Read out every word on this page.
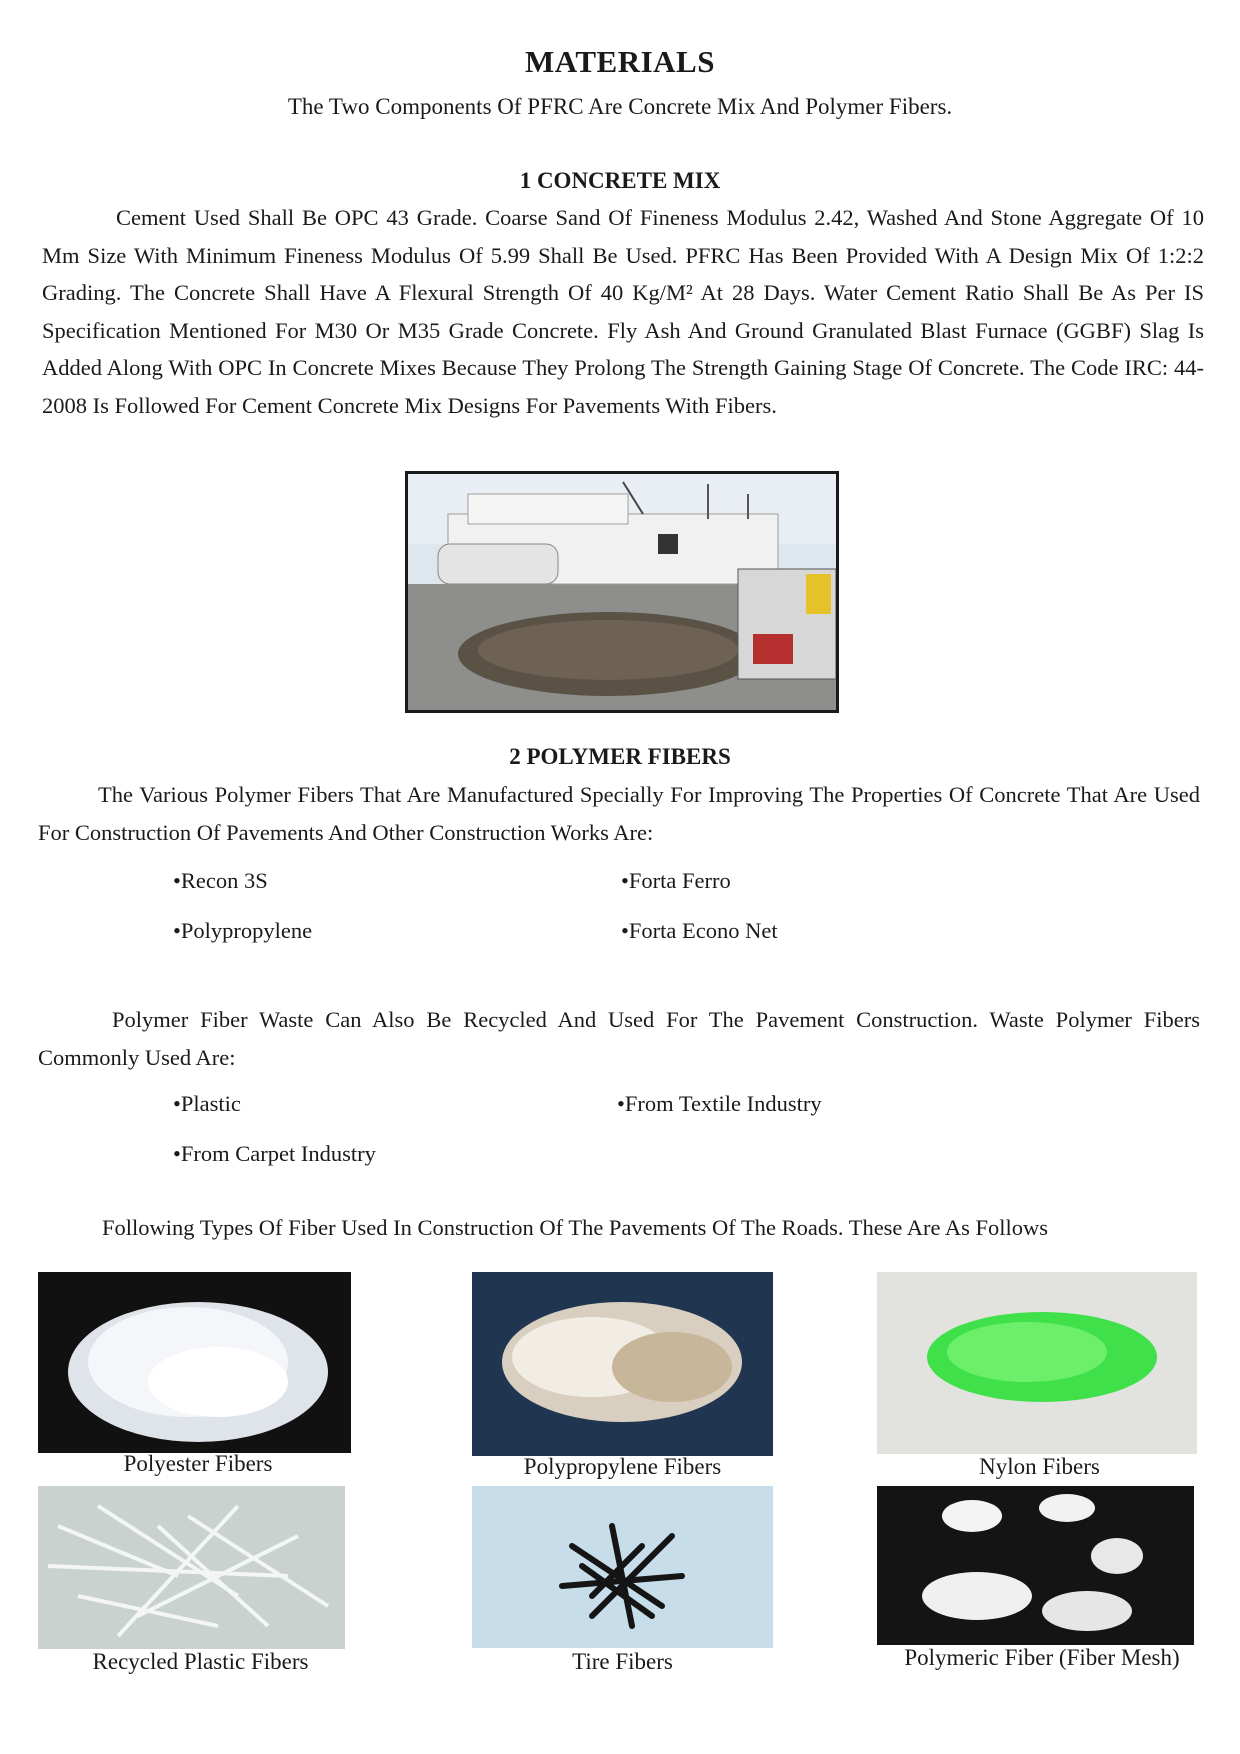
MATERIALS
The Two Components Of PFRC Are Concrete Mix And Polymer Fibers.
1 CONCRETE MIX
Cement Used Shall Be OPC 43 Grade. Coarse Sand Of Fineness Modulus 2.42, Washed And Stone Aggregate Of 10 Mm Size With Minimum Fineness Modulus Of 5.99 Shall Be Used. PFRC Has Been Provided With A Design Mix Of 1:2:2 Grading. The Concrete Shall Have A Flexural Strength Of 40 Kg/M² At 28 Days. Water Cement Ratio Shall Be As Per IS Specification Mentioned For M30 Or M35 Grade Concrete. Fly Ash And Ground Granulated Blast Furnace (GGBF) Slag Is Added Along With OPC In Concrete Mixes Because They Prolong The Strength Gaining Stage Of Concrete. The Code IRC: 44-2008 Is Followed For Cement Concrete Mix Designs For Pavements With Fibers.
2 POLYMER FIBERS
The Various Polymer Fibers That Are Manufactured Specially For Improving The Properties Of Concrete That Are Used For Construction Of Pavements And Other Construction Works Are:
•Recon 3S	•Forta Ferro
•Polypropylene	•Forta Econo Net
Polymer Fiber Waste Can Also Be Recycled And Used For The Pavement Construction. Waste Polymer Fibers Commonly Used Are:
•Plastic	•From Textile Industry
•From Carpet Industry
Following Types Of Fiber Used In Construction Of The Pavements Of The Roads. These Are As Follows
Polyester Fibers	Polypropylene Fibers	Nylon Fibers
Recycled Plastic Fibers	Tire Fibers	Polymeric Fiber (Fiber Mesh)
